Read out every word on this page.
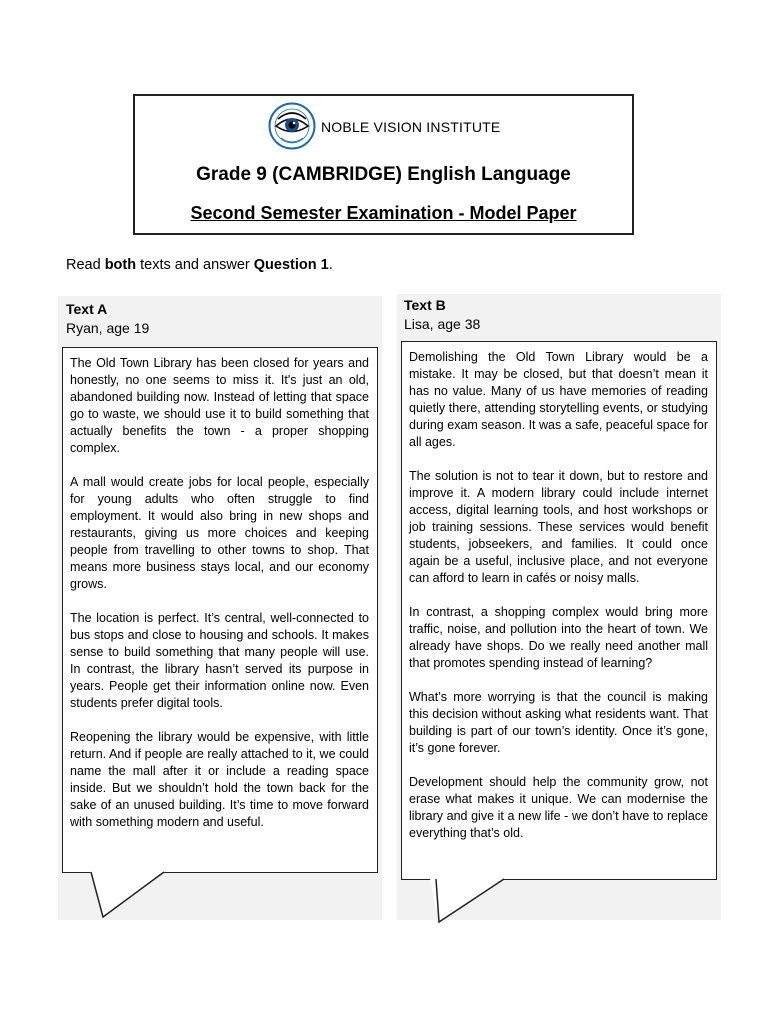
NOBLE VISION INSTITUTE
Grade 9 (CAMBRIDGE) English Language
Second Semester Examination - Model Paper
Read both texts and answer Question 1.
Text A
Ryan, age 19

The Old Town Library has been closed for years and honestly, no one seems to miss it. It's just an old, abandoned building now. Instead of letting that space go to waste, we should use it to build something that actually benefits the town - a proper shopping complex.

A mall would create jobs for local people, especially for young adults who often struggle to find employment. It would also bring in new shops and restaurants, giving us more choices and keeping people from travelling to other towns to shop. That means more business stays local, and our economy grows.

The location is perfect. It’s central, well-connected to bus stops and close to housing and schools. It makes sense to build something that many people will use. In contrast, the library hasn’t served its purpose in years. People get their information online now. Even students prefer digital tools.

Reopening the library would be expensive, with little return. And if people are really attached to it, we could name the mall after it or include a reading space inside. But we shouldn’t hold the town back for the sake of an unused building. It’s time to move forward with something modern and useful.

Text B
Lisa, age 38

Demolishing the Old Town Library would be a mistake. It may be closed, but that doesn’t mean it has no value. Many of us have memories of reading quietly there, attending storytelling events, or studying during exam season. It was a safe, peaceful space for all ages.

The solution is not to tear it down, but to restore and improve it. A modern library could include internet access, digital learning tools, and host workshops or job training sessions. These services would benefit students, jobseekers, and families. It could once again be a useful, inclusive place, and not everyone can afford to learn in cafés or noisy malls.

In contrast, a shopping complex would bring more traffic, noise, and pollution into the heart of town. We already have shops. Do we really need another mall that promotes spending instead of learning?

What’s more worrying is that the council is making this decision without asking what residents want. That building is part of our town’s identity. Once it’s gone, it’s gone forever.

Development should help the community grow, not erase what makes it unique. We can modernise the library and give it a new life - we don’t have to replace everything that’s old.
